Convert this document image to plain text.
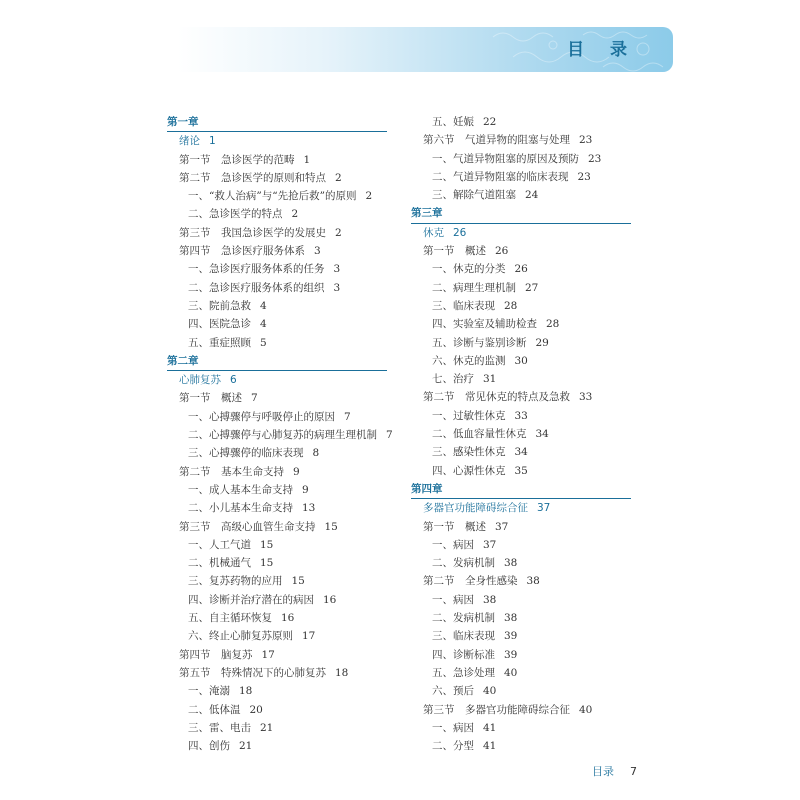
目 录
第一章
绪论 1
第一节　急诊医学的范畴 1
第二节　急诊医学的原则和特点 2
一、“救人治病”与“先抢后救”的原则 2
二、急诊医学的特点 2
第三节　我国急诊医学的发展史 2
第四节　急诊医疗服务体系 3
一、急诊医疗服务体系的任务 3
二、急诊医疗服务体系的组织 3
三、院前急救 4
四、医院急诊 4
五、重症照顾 5
第二章
心肺复苏 6
第一节　概述 7
一、心搏骤停与呼吸停止的原因 7
二、心搏骤停与心肺复苏的病理生理机制 7
三、心搏骤停的临床表现 8
第二节　基本生命支持 9
一、成人基本生命支持 9
二、小儿基本生命支持 13
第三节　高级心血管生命支持 15
一、人工气道 15
二、机械通气 15
三、复苏药物的应用 15
四、诊断并治疗潜在的病因 16
五、自主循环恢复 16
六、终止心肺复苏原则 17
第四节　脑复苏 17
第五节　特殊情况下的心肺复苏 18
一、淹溺 18
二、低体温 20
三、雷、电击 21
四、创伤 21
五、妊娠 22
第六节　气道异物的阻塞与处理 23
一、气道异物阻塞的原因及预防 23
二、气道异物阻塞的临床表现 23
三、解除气道阻塞 24
第三章
休克 26
第一节　概述 26
一、休克的分类 26
二、病理生理机制 27
三、临床表现 28
四、实验室及辅助检查 28
五、诊断与鉴别诊断 29
六、休克的监测 30
七、治疗 31
第二节　常见休克的特点及急救 33
一、过敏性休克 33
二、低血容量性休克 34
三、感染性休克 34
四、心源性休克 35
第四章
多器官功能障碍综合征 37
第一节　概述 37
一、病因 37
二、发病机制 38
第二节　全身性感染 38
一、病因 38
二、发病机制 38
三、临床表现 39
四、诊断标准 39
五、急诊处理 40
六、预后 40
第三节　多器官功能障碍综合征 40
一、病因 41
二、分型 41
目录 7
